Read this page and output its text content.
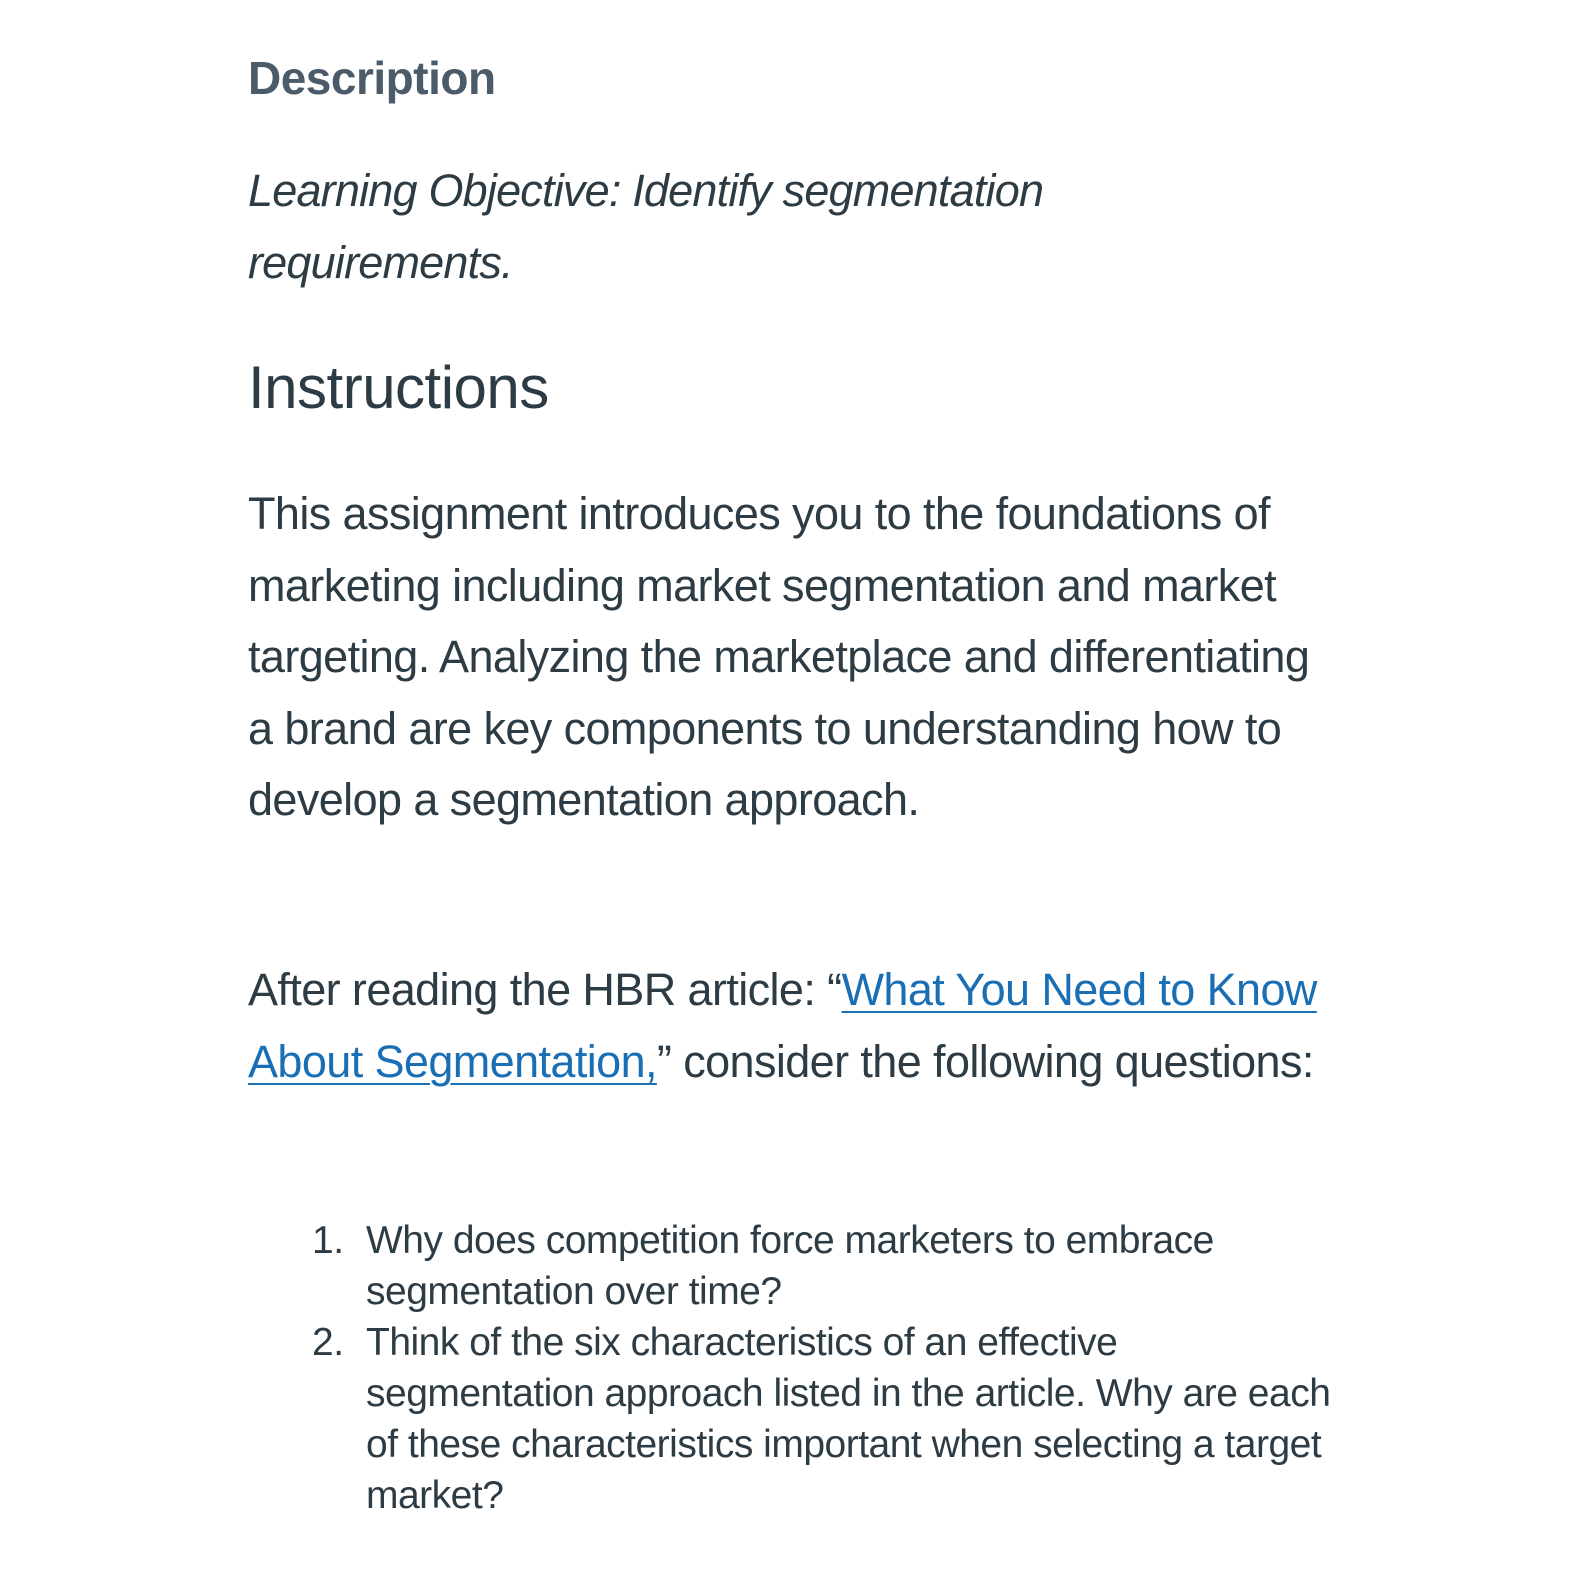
Description

Learning Objective: Identify segmentation requirements.

Instructions

This assignment introduces you to the foundations of marketing including market segmentation and market targeting. Analyzing the marketplace and differentiating a brand are key components to understanding how to develop a segmentation approach.

After reading the HBR article: “What You Need to Know About Segmentation,” consider the following questions:

1. Why does competition force marketers to embrace segmentation over time?
2. Think of the six characteristics of an effective segmentation approach listed in the article. Why are each of these characteristics important when selecting a target market?
